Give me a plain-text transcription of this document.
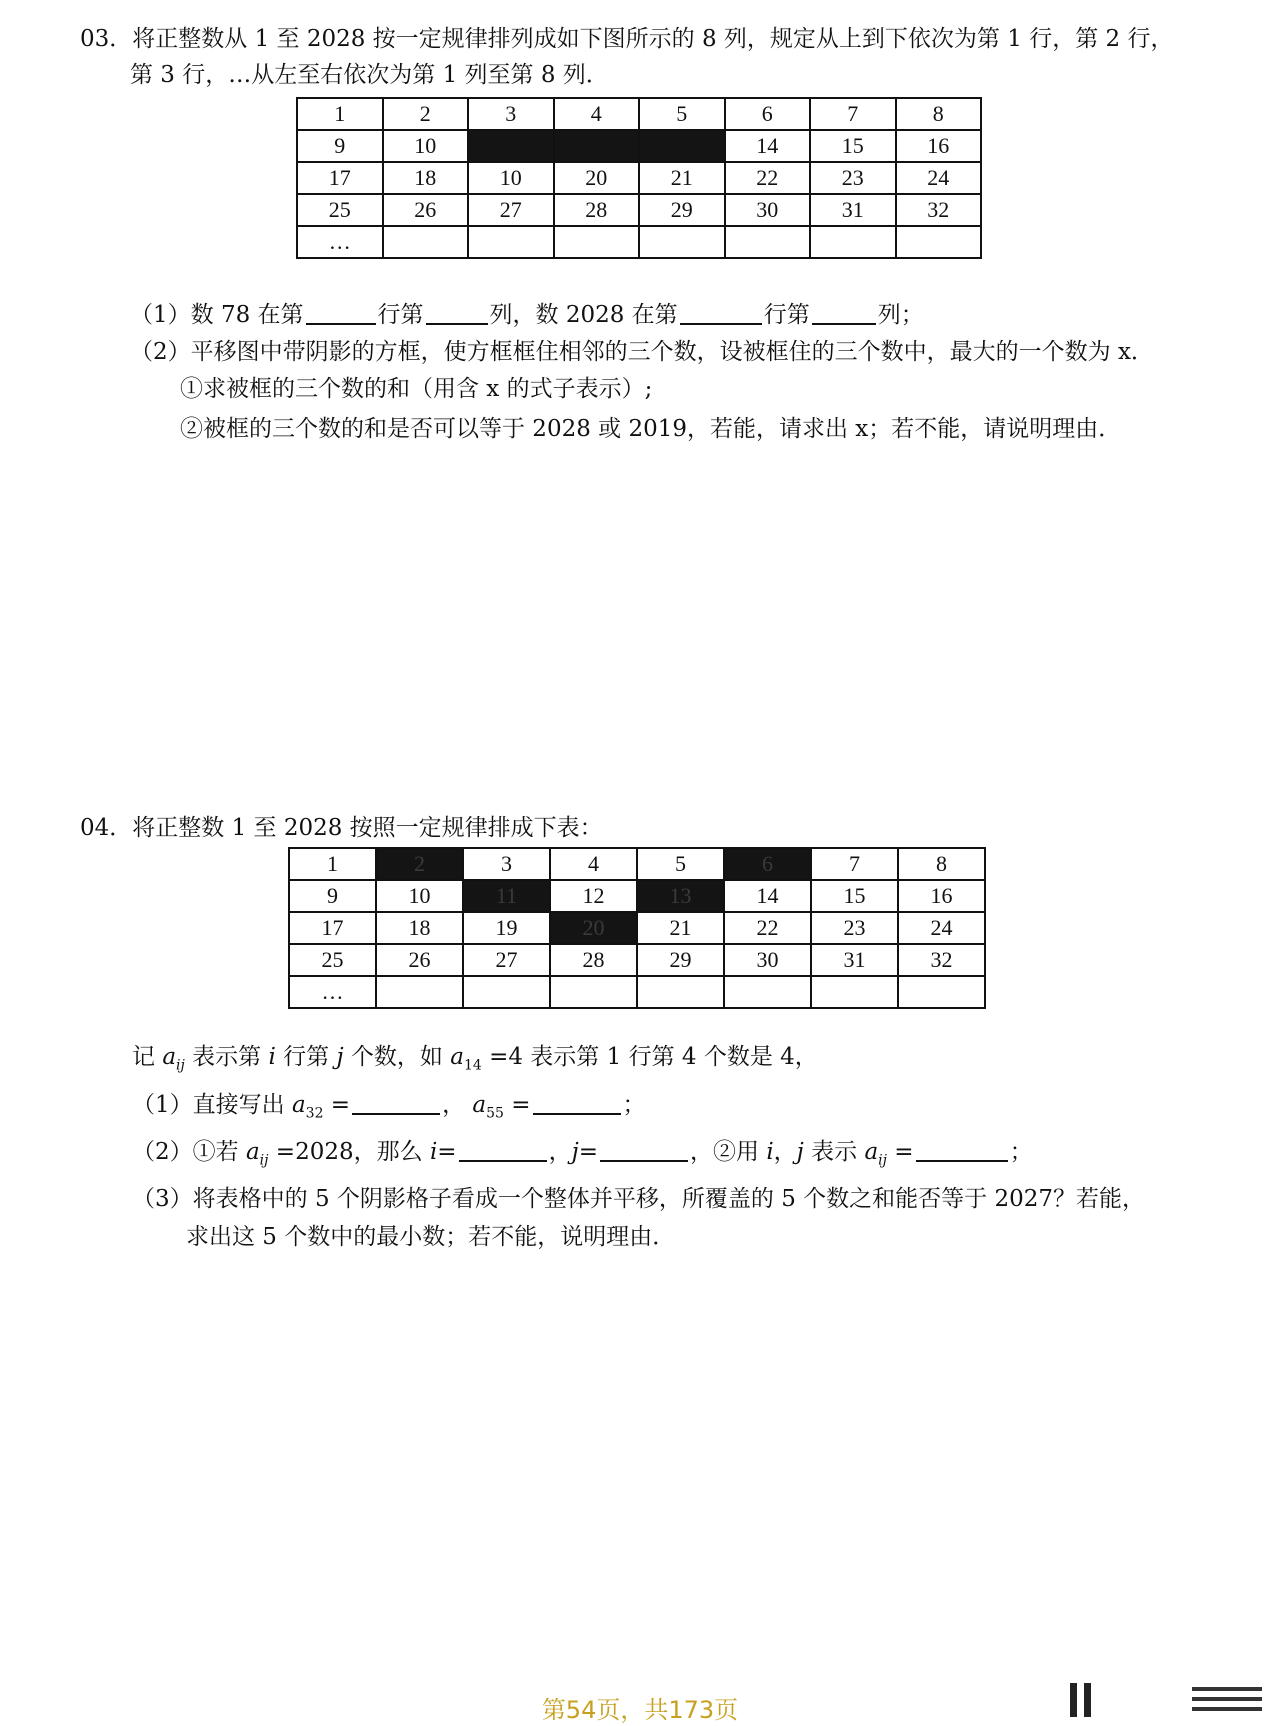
03．将正整数从 1 至 2028 按一定规律排列成如下图所示的 8 列，规定从上到下依次为第 1 行，第 2 行，
第 3 行，…从左至右依次为第 1 列至第 8 列．
1	2	3	4	5	6	7	8
9	10				14	15	16
17	18	10	20	21	22	23	24
25	26	27	28	29	30	31	32
…							
（1）数 78 在第	行第	列，数 2028 在第	行第	列；
（2）平移图中带阴影的方框，使方框框住相邻的三个数，设被框住的三个数中，最大的一个数为 x．
①求被框的三个数的和（用含 x 的式子表示）;
②被框的三个数的和是否可以等于 2028 或 2019，若能，请求出 x；若不能，请说明理由．
04．将正整数 1 至 2028 按照一定规律排成下表：
1	2	3	4	5	6	7	8
9	10	11	12	13	14	15	16
17	18	19	20	21	22	23	24
25	26	27	28	29	30	31	32
…							
记 $a_{ij}$ 表示第 i 行第 j 个数，如 $a_{14} =4$ 表示第 1 行第 4 个数是 4，
（1）直接写出 $a_{32}$ =	， $a_{55}$ =	；
（2）①若 $a_{ij} =2028$，那么 i=	，j=	，②用 i，j 表示 $a_{ij}$ =	；
（3）将表格中的 5 个阴影格子看成一个整体并平移，所覆盖的 5 个数之和能否等于 2027？若能，
求出这 5 个数中的最小数；若不能，说明理由．
第54页，共173页
